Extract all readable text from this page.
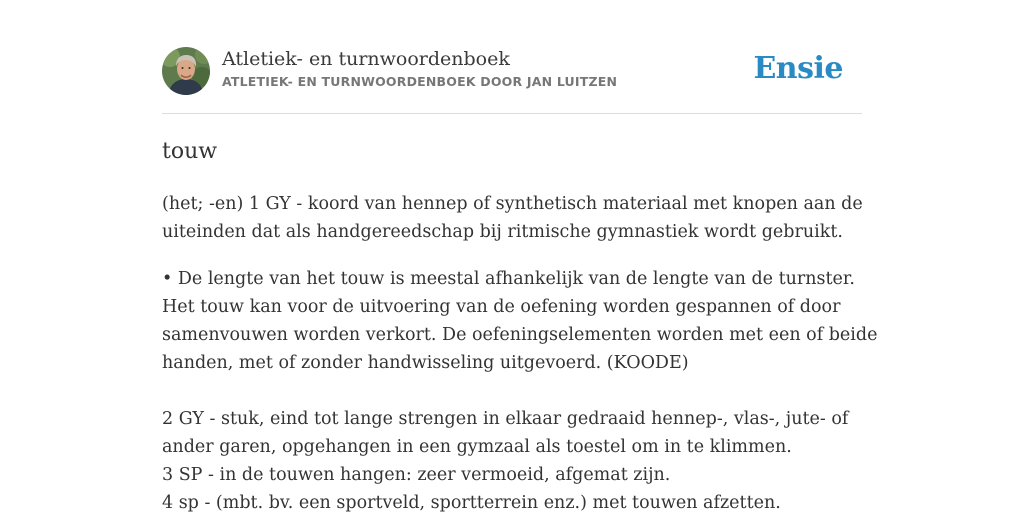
Atletiek- en turnwoordenboek
ATLETIEK- EN TURNWOORDENBOEK DOOR JAN LUITZEN	Ensie
touw

(het; -en) 1 GY - koord van hennep of synthetisch materiaal met knopen aan de
uiteinden dat als handgereedschap bij ritmische gymnastiek wordt gebruikt.

• De lengte van het touw is meestal afhankelijk van de lengte van de turnster.
Het touw kan voor de uitvoering van de oefening worden gespannen of door
samenvouwen worden verkort. De oefeningselementen worden met een of beide
handen, met of zonder handwisseling uitgevoerd. (KOODE)
2 GY - stuk, eind tot lange strengen in elkaar gedraaid hennep-, vlas-, jute- of
ander garen, opgehangen in een gymzaal als toestel om in te klimmen.
3 SP - in de touwen hangen: zeer vermoeid, afgemat zijn.
4 sp - (mbt. bv. een sportveld, sportterrein enz.) met touwen afzetten.
